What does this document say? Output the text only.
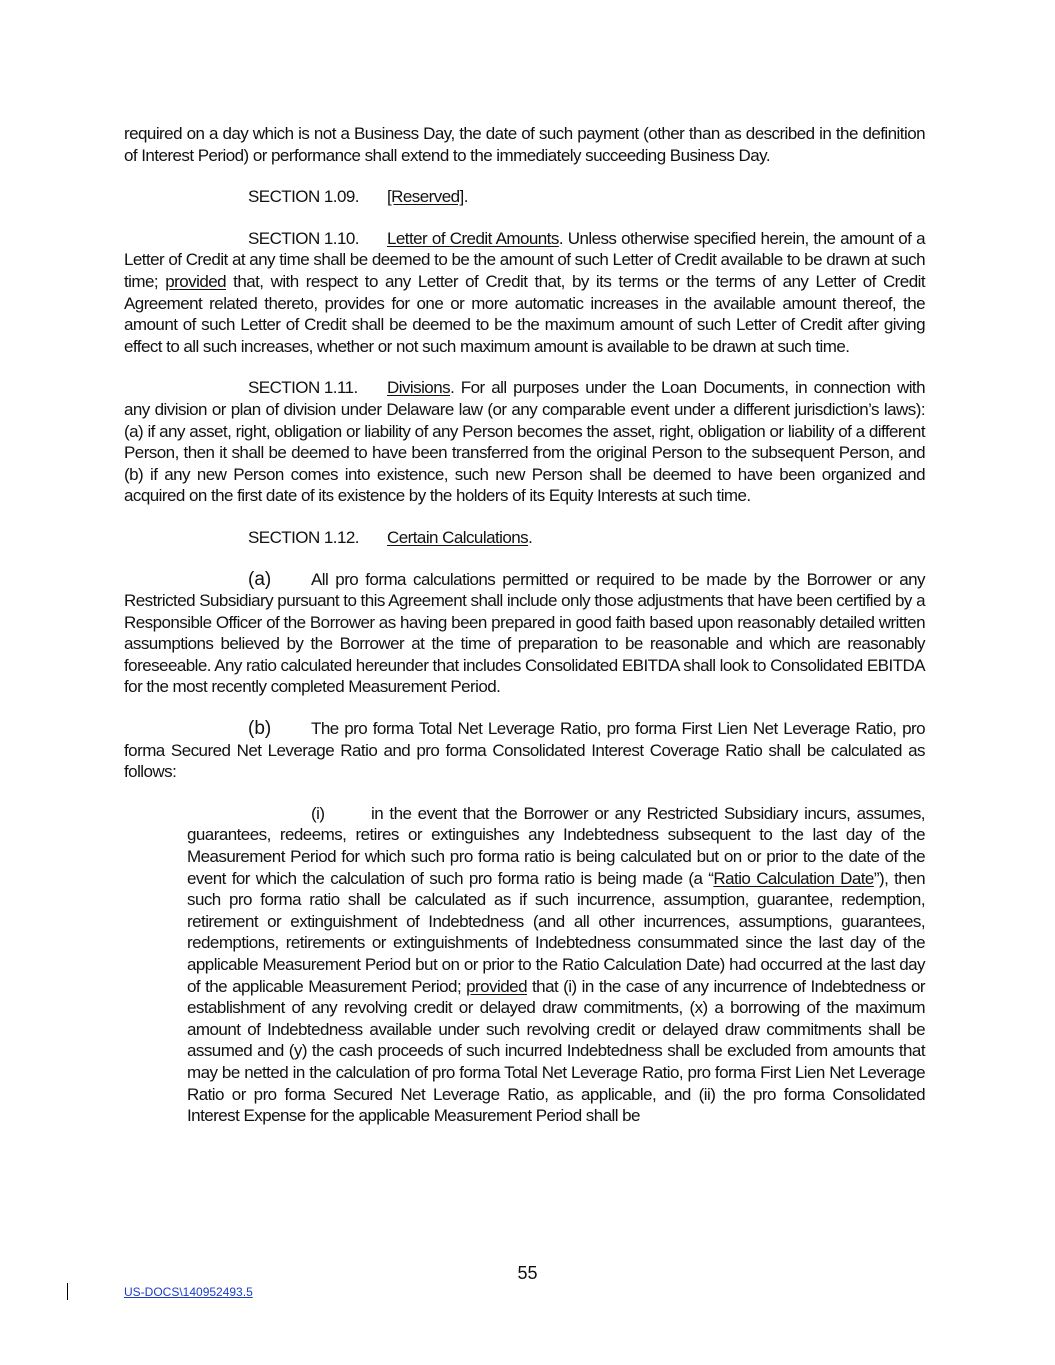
required on a day which is not a Business Day, the date of such payment (other than as described in the definition of Interest Period) or performance shall extend to the immediately succeeding Business Day.

SECTION 1.09. [Reserved].

SECTION 1.10. Letter of Credit Amounts. Unless otherwise specified herein, the amount of a Letter of Credit at any time shall be deemed to be the amount of such Letter of Credit available to be drawn at such time; provided that, with respect to any Letter of Credit that, by its terms or the terms of any Letter of Credit Agreement related thereto, provides for one or more automatic increases in the available amount thereof, the amount of such Letter of Credit shall be deemed to be the maximum amount of such Letter of Credit after giving effect to all such increases, whether or not such maximum amount is available to be drawn at such time.

SECTION 1.11. Divisions. For all purposes under the Loan Documents, in connection with any division or plan of division under Delaware law (or any comparable event under a different jurisdiction’s laws): (a) if any asset, right, obligation or liability of any Person becomes the asset, right, obligation or liability of a different Person, then it shall be deemed to have been transferred from the original Person to the subsequent Person, and (b) if any new Person comes into existence, such new Person shall be deemed to have been organized and acquired on the first date of its existence by the holders of its Equity Interests at such time.

SECTION 1.12. Certain Calculations.

(a) All pro forma calculations permitted or required to be made by the Borrower or any Restricted Subsidiary pursuant to this Agreement shall include only those adjustments that have been certified by a Responsible Officer of the Borrower as having been prepared in good faith based upon reasonably detailed written assumptions believed by the Borrower at the time of preparation to be reasonable and which are reasonably foreseeable. Any ratio calculated hereunder that includes Consolidated EBITDA shall look to Consolidated EBITDA for the most recently completed Measurement Period.

(b) The pro forma Total Net Leverage Ratio, pro forma First Lien Net Leverage Ratio, pro forma Secured Net Leverage Ratio and pro forma Consolidated Interest Coverage Ratio shall be calculated as follows:

(i)	in the event that the Borrower or any Restricted Subsidiary incurs, assumes, guarantees, redeems, retires or extinguishes any Indebtedness subsequent to the last day of the Measurement Period for which such pro forma ratio is being calculated but on or prior to the date of the event for which the calculation of such pro forma ratio is being made (a “Ratio Calculation Date”), then such pro forma ratio shall be calculated as if such incurrence, assumption, guarantee, redemption, retirement or extinguishment of Indebtedness (and all other incurrences, assumptions, guarantees, redemptions, retirements or extinguishments of Indebtedness consummated since the last day of the applicable Measurement Period but on or prior to the Ratio Calculation Date) had occurred at the last day of the applicable Measurement Period; provided that (i) in the case of any incurrence of Indebtedness or establishment of any revolving credit or delayed draw commitments, (x) a borrowing of the maximum amount of Indebtedness available under such revolving credit or delayed draw commitments shall be assumed and (y) the cash proceeds of such incurred Indebtedness shall be excluded from amounts that may be netted in the calculation of pro forma Total Net Leverage Ratio, pro forma First Lien Net Leverage Ratio or pro forma Secured Net Leverage Ratio, as applicable, and (ii) the pro forma Consolidated Interest Expense for the applicable Measurement Period shall be

55
US-DOCS\140952493.5
